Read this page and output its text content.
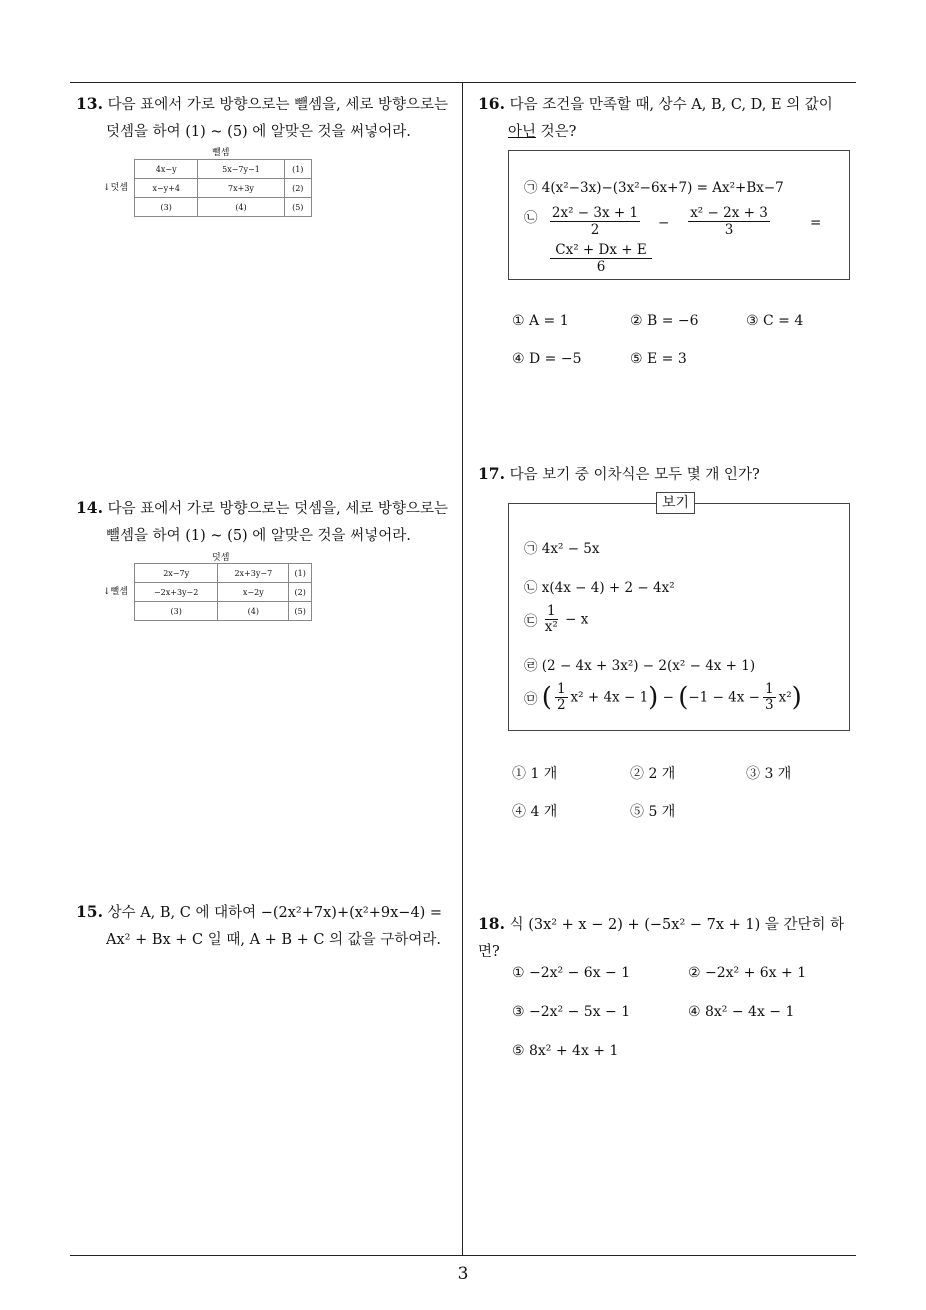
13. 다음 표에서 가로 방향으로는 뺄셈을, 세로 방향으로는
덧셈을 하여 (1) ~ (5) 에 알맞은 것을 써넣어라.
뺄셈
↓덧셈
4x−y	5x−7y−1	(1)
x−y+4	7x+3y	(2)
(3)	(4)	(5)
14. 다음 표에서 가로 방향으로는 덧셈을, 세로 방향으로는
뺄셈을 하여 (1) ~ (5) 에 알맞은 것을 써넣어라.
덧셈
↓뺄셈
2x−7y	2x+3y−7	(1)
−2x+3y−2	x−2y	(2)
(3)	(4)	(5)
15. 상수 A, B, C 에 대하여 −(2x²+7x)+(x²+9x−4) =
Ax² + Bx + C 일 때, A + B + C 의 값을 구하여라.
16. 다음 조건을 만족할 때, 상수 A, B, C, D, E 의 값이
아닌 것은?
㉠ 4(x²−3x)−(3x²−6x+7) = Ax²+Bx−7
㉡ $\frac{\text{2x² − 3x + 1}}{2} - \frac{\text{x² − 2x + 3}}{3}$	=
$\frac{\text{Cx² + Dx + E}}{6}$
① A = 1	② B = −6	③ C = 4
④ D = −5	⑤ E = 3
17. 다음 보기 중 이차식은 모두 몇 개 인가?
보기
㉠ 4x² − 5x
㉡ x(4x − 4) + 2 − 4x²
㉢ $\frac{1}{\text{x²}} - x$
㉣ (2 − 4x + 3x²) − 2(x² − 4x + 1)
㉤ ( $\frac{1}{2} x^2 + 4x - 1) - (-1 - 4x - \frac{1}{3} x^2)$
① 1 개	② 2 개	③ 3 개
④ 4 개	⑤ 5 개
18. 식 (3x² + x − 2) + (−5x² − 7x + 1) 을 간단히 하면?
① −2x² − 6x − 1	② −2x² + 6x + 1
③ −2x² − 5x − 1	④ 8x² − 4x − 1
⑤ 8x² + 4x + 1
3
